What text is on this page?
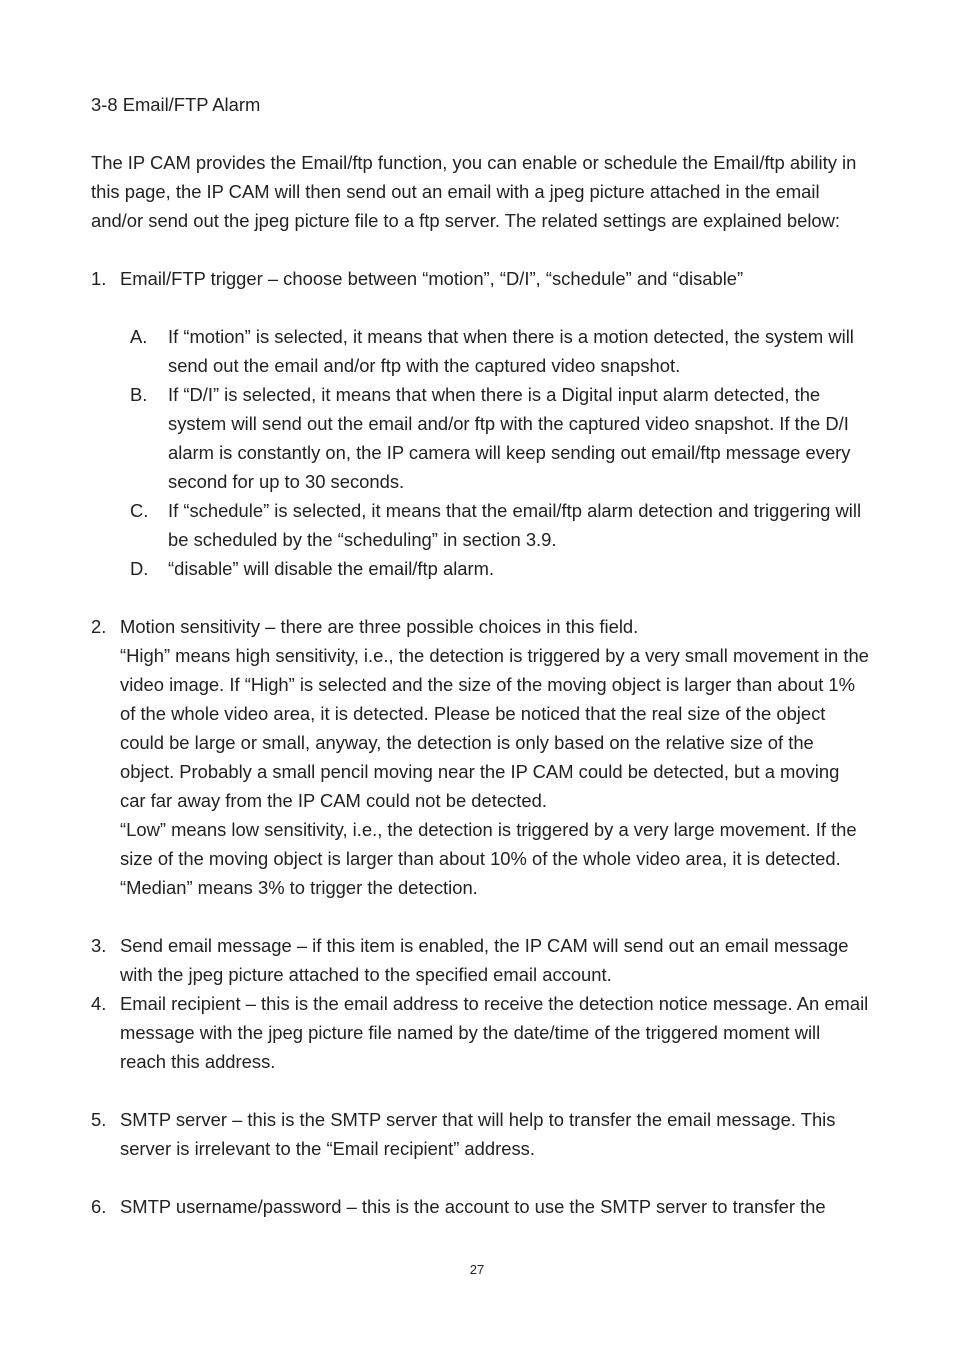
3-8 Email/FTP Alarm

The IP CAM provides the Email/ftp function, you can enable or schedule the Email/ftp ability in this page, the IP CAM will then send out an email with a jpeg picture attached in the email and/or send out the jpeg picture file to a ftp server. The related settings are explained below:

1. Email/FTP trigger – choose between “motion”, “D/I”, “schedule” and “disable”
A. If “motion” is selected, it means that when there is a motion detected, the system will send out the email and/or ftp with the captured video snapshot.
B. If “D/I” is selected, it means that when there is a Digital input alarm detected, the system will send out the email and/or ftp with the captured video snapshot. If the D/I alarm is constantly on, the IP camera will keep sending out email/ftp message every second for up to 30 seconds.
C. If “schedule” is selected, it means that the email/ftp alarm detection and triggering will be scheduled by the “scheduling” in section 3.9.
D. “disable” will disable the email/ftp alarm.
2. Motion sensitivity – there are three possible choices in this field.
“High” means high sensitivity, i.e., the detection is triggered by a very small movement in the video image. If “High” is selected and the size of the moving object is larger than about 1% of the whole video area, it is detected. Please be noticed that the real size of the object could be large or small, anyway, the detection is only based on the relative size of the object. Probably a small pencil moving near the IP CAM could be detected, but a moving car far away from the IP CAM could not be detected.
“Low” means low sensitivity, i.e., the detection is triggered by a very large movement. If the size of the moving object is larger than about 10% of the whole video area, it is detected. “Median” means 3% to trigger the detection.
3. Send email message – if this item is enabled, the IP CAM will send out an email message with the jpeg picture attached to the specified email account.
4. Email recipient – this is the email address to receive the detection notice message. An email message with the jpeg picture file named by the date/time of the triggered moment will reach this address.
5. SMTP server – this is the SMTP server that will help to transfer the email message. This server is irrelevant to the “Email recipient” address.
6. SMTP username/password – this is the account to use the SMTP server to transfer the
27
